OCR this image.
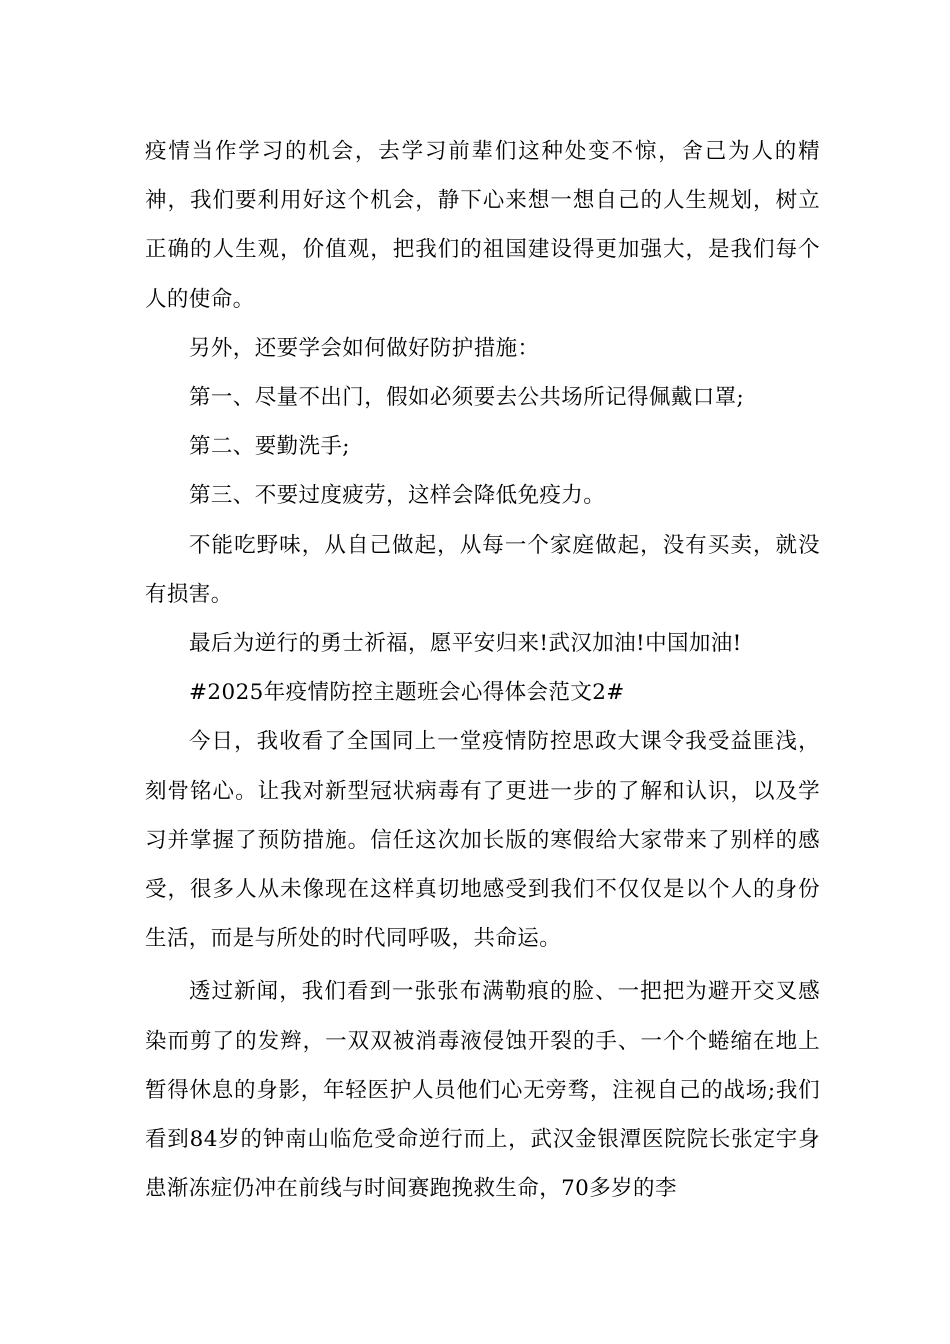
疫情当作学习的机会，去学习前辈们这种处变不惊，舍己为人的精神，我们要利用好这个机会，静下心来想一想自己的人生规划，树立正确的人生观，价值观，把我们的祖国建设得更加强大，是我们每个人的使命。

另外，还要学会如何做好防护措施：

第一、尽量不出门，假如必须要去公共场所记得佩戴口罩;

第二、要勤洗手;

第三、不要过度疲劳，这样会降低免疫力。

不能吃野味，从自己做起，从每一个家庭做起，没有买卖，就没有损害。

最后为逆行的勇士祈福，愿平安归来!武汉加油!中国加油!

#2025年疫情防控主题班会心得体会范文2#

今日，我收看了全国同上一堂疫情防控思政大课令我受益匪浅，刻骨铭心。让我对新型冠状病毒有了更进一步的了解和认识，以及学习并掌握了预防措施。信任这次加长版的寒假给大家带来了别样的感受，很多人从未像现在这样真切地感受到我们不仅仅是以个人的身份生活，而是与所处的时代同呼吸，共命运。

透过新闻，我们看到一张张布满勒痕的脸、一把把为避开交叉感染而剪了的发辫，一双双被消毒液侵蚀开裂的手、一个个蜷缩在地上暂得休息的身影，年轻医护人员他们心无旁骛，注视自己的战场;我们看到84岁的钟南山临危受命逆行而上，武汉金银潭医院院长张定宇身患渐冻症仍冲在前线与时间赛跑挽救生命，70多岁的李
